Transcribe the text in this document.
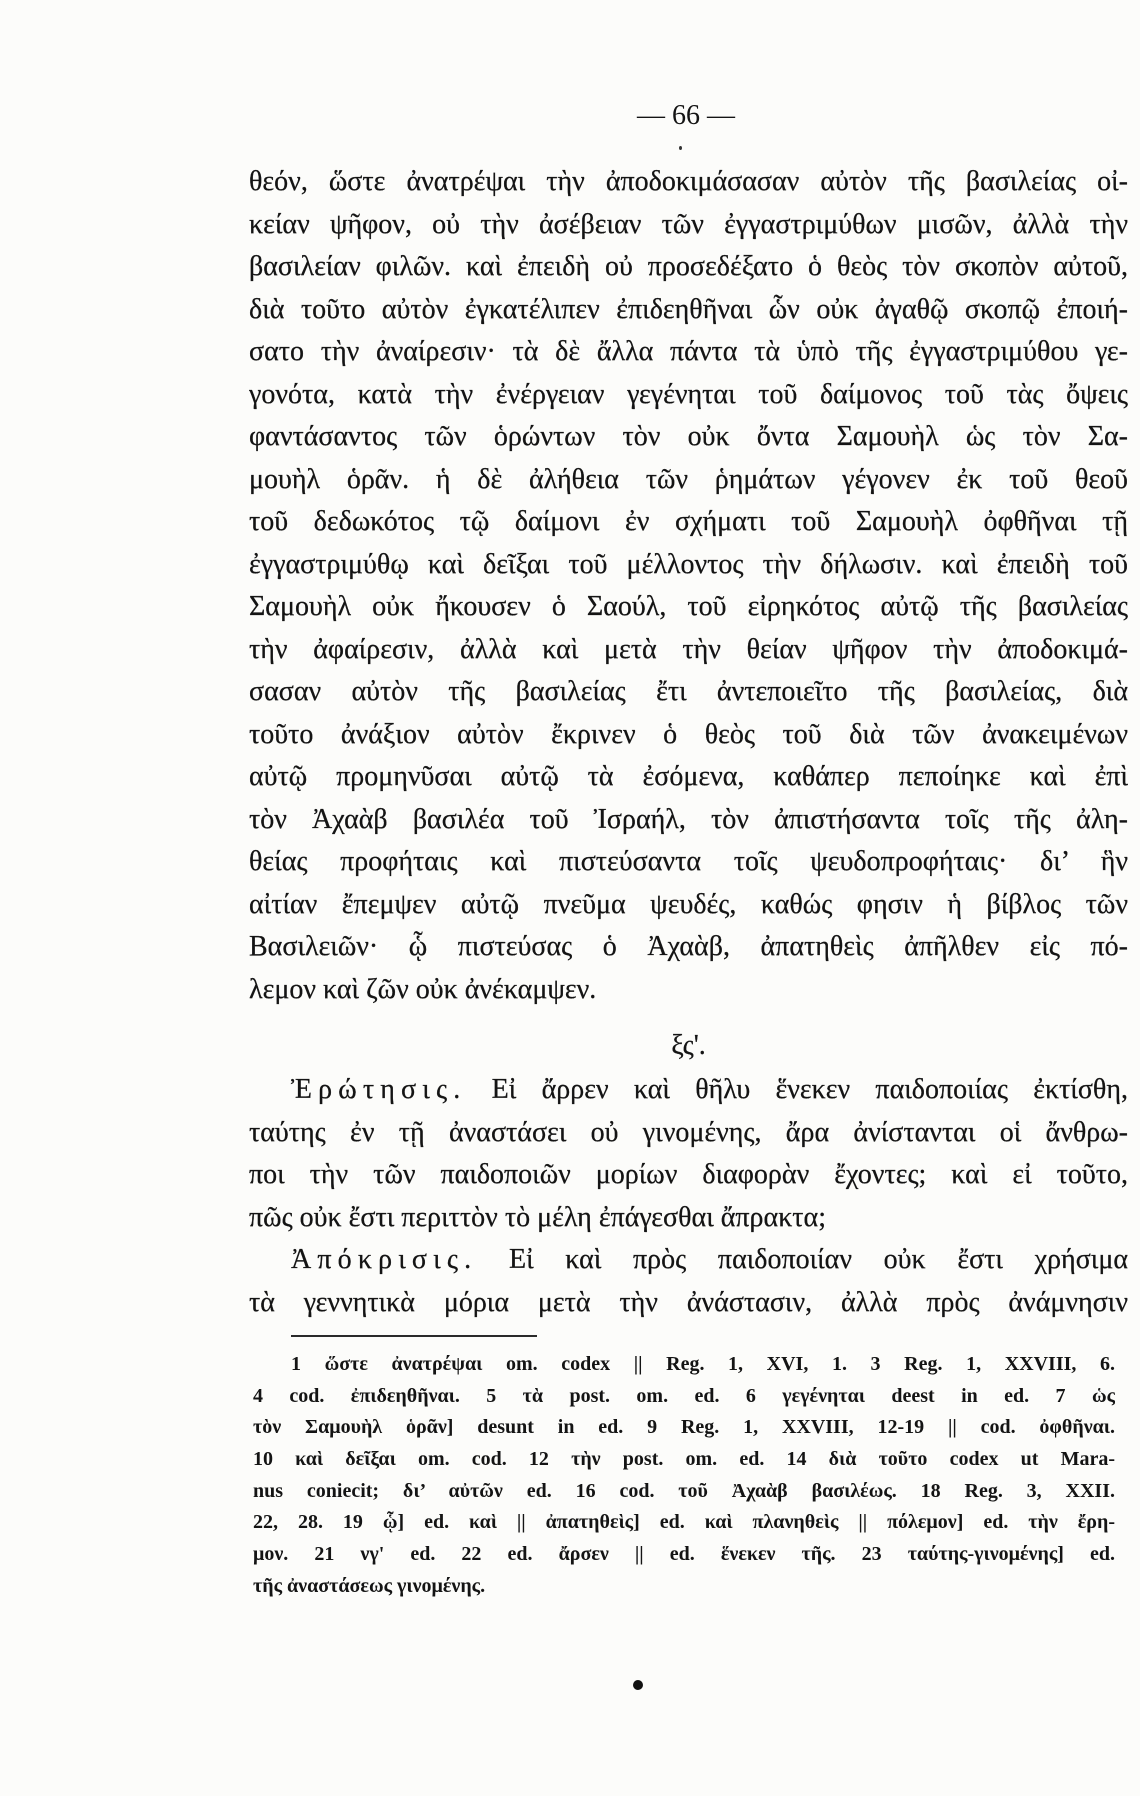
— 66 —
θεόν, ὥστε ἀνατρέψαι τὴν ἀποδοκιμάσασαν αὐτὸν τῆς βασιλείας οἰ-
κείαν ψῆφον, οὐ τὴν ἀσέβειαν τῶν ἐγγαστριμύθων μισῶν, ἀλλὰ τὴν
βασιλείαν φιλῶν. καὶ ἐπειδὴ οὐ προσεδέξατο ὁ θεὸς τὸν σκοπὸν αὐτοῦ,
διὰ τοῦτο αὐτὸν ἐγκατέλιπεν ἐπιδεηθῆναι ὧν οὐκ ἀγαθῷ σκοπῷ ἐποιή-
σατο τὴν ἀναίρεσιν· τὰ δὲ ἄλλα πάντα τὰ ὑπὸ τῆς ἐγγαστριμύθου γε-
γονότα, κατὰ τὴν ἐνέργειαν γεγένηται τοῦ δαίμονος τοῦ τὰς ὄψεις
φαντάσαντος τῶν ὁρώντων τὸν οὐκ ὄντα Σαμουὴλ ὡς τὸν Σα-
μουὴλ ὁρᾶν. ἡ δὲ ἀλήθεια τῶν ῥημάτων γέγονεν ἐκ τοῦ θεοῦ
τοῦ δεδωκότος τῷ δαίμονι ἐν σχήματι τοῦ Σαμουὴλ ὀφθῆναι τῇ
ἐγγαστριμύθῳ καὶ δεῖξαι τοῦ μέλλοντος τὴν δήλωσιν. καὶ ἐπειδὴ τοῦ
Σαμουὴλ οὐκ ἤκουσεν ὁ Σαούλ, τοῦ εἰρηκότος αὐτῷ τῆς βασιλείας
τὴν ἀφαίρεσιν, ἀλλὰ καὶ μετὰ τὴν θείαν ψῆφον τὴν ἀποδοκιμά-
σασαν αὐτὸν τῆς βασιλείας ἔτι ἀντεποιεῖτο τῆς βασιλείας, διὰ
τοῦτο ἀνάξιον αὐτὸν ἔκρινεν ὁ θεὸς τοῦ διὰ τῶν ἀνακειμένων
αὐτῷ προμηνῦσαι αὐτῷ τὰ ἐσόμενα, καθάπερ πεποίηκε καὶ ἐπὶ
τὸν Ἀχαὰβ βασιλέα τοῦ Ἰσραήλ, τὸν ἀπιστήσαντα τοῖς τῆς ἀλη-
θείας προφήταις καὶ πιστεύσαντα τοῖς ψευδοπροφήταις· δι’ ἣν
αἰτίαν ἔπεμψεν αὐτῷ πνεῦμα ψευδές, καθώς φησιν ἡ βίβλος τῶν
Βασιλειῶν· ᾧ πιστεύσας ὁ Ἀχαὰβ, ἀπατηθεὶς ἀπῆλθεν εἰς πό-
λεμον καὶ ζῶν οὐκ ἀνέκαμψεν.
ξς'.
Ἐρώτησις. Εἰ ἄρρεν καὶ θῆλυ ἕνεκεν παιδοποιίας ἐκτίσθη,
ταύτης ἐν τῇ ἀναστάσει οὐ γινομένης, ἄρα ἀνίστανται οἱ ἄνθρω-
ποι τὴν τῶν παιδοποιῶν μορίων διαφορὰν ἔχοντες; καὶ εἰ τοῦτο,
πῶς οὐκ ἔστι περιττὸν τὸ μέλη ἐπάγεσθαι ἄπρακτα;
Ἀπόκρισις. Εἰ καὶ πρὸς παιδοποιίαν οὐκ ἔστι χρήσιμα
τὰ γεννητικὰ μόρια μετὰ τὴν ἀνάστασιν, ἀλλὰ πρὸς ἀνάμνησιν
1 ὥστε ἀνατρέψαι om. codex || Reg. 1, XVI, 1. 3 Reg. 1, XXVIII, 6.
4 cod. ἐπιδεηθῆναι. 5 τὰ post. om. ed. 6 γεγένηται deest in ed. 7 ὡς
τὸν Σαμουὴλ ὁρᾶν] desunt in ed. 9 Reg. 1, XXVIII, 12-19 || cod. ὀφθῆναι.
10 καὶ δεῖξαι om. cod. 12 τὴν post. om. ed. 14 διὰ τοῦτο codex ut Mara-
nus coniecit; δι’ αὐτῶν ed. 16 cod. τοῦ Ἀχαὰβ βασιλέως. 18 Reg. 3, XXII.
22, 28. 19 ᾧ] ed. καὶ || ἀπατηθεὶς] ed. καὶ πλανηθεὶς || πόλεμον] ed. τὴν ἔρη-
μον. 21 νγ' ed. 22 ed. ἄρσεν || ed. ἕνεκεν τῆς. 23 ταύτης-γινομένης] ed.
τῆς ἀναστάσεως γινομένης.
